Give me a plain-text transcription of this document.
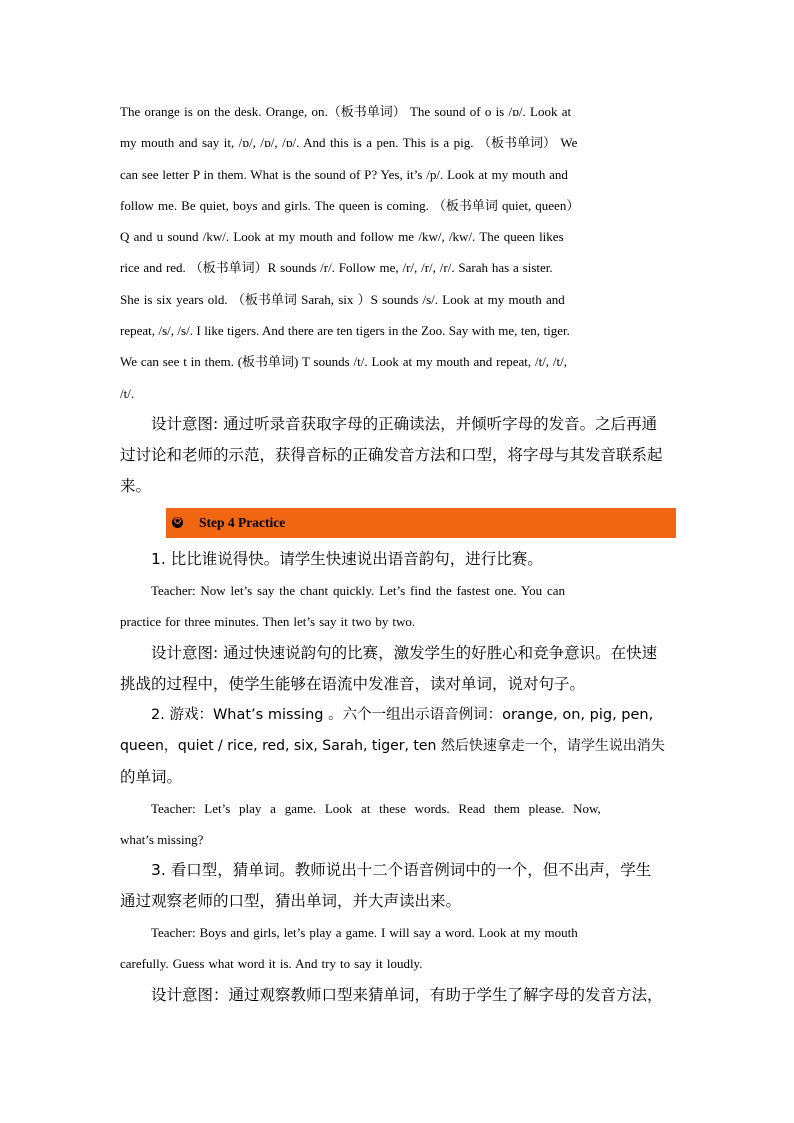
The orange is on the desk. Orange, on.（板书单词） The sound of o is /ɒ/. Look at
my mouth and say it, /ɒ/, /ɒ/, /ɒ/. And this is a pen. This is a pig. （板书单词） We
can see letter P in them. What is the sound of P? Yes, it’s /p/. Look at my mouth and
follow me. Be quiet, boys and girls. The queen is coming. （板书单词 quiet, queen）
Q and u sound /kw/. Look at my mouth and follow me /kw/, /kw/. The queen likes
rice and red. （板书单词）R sounds /r/. Follow me, /r/, /r/, /r/. Sarah has a sister.
She is six years old. （板书单词 Sarah, six ）S sounds /s/. Look at my mouth and
repeat, /s/, /s/. I like tigers. And there are ten tigers in the Zoo. Say with me, ten, tiger.
We can see t in them. (板书单词) T sounds /t/. Look at my mouth and repeat, /t/, /t/,
/t/.
设计意图: 通过听录音获取字母的正确读法，并倾听字母的发音。之后再通
过讨论和老师的示范，获得音标的正确发音方法和口型，将字母与其发音联系起
来。
✪ Step 4 Practice
1. 比比谁说得快。请学生快速说出语音韵句，进行比赛。
Teacher: Now let’s say the chant quickly. Let’s find the fastest one. You can
practice for three minutes. Then let’s say it two by two.
设计意图: 通过快速说韵句的比赛，激发学生的好胜心和竞争意识。在快速
挑战的过程中，使学生能够在语流中发准音，读对单词，说对句子。
2. 游戏：What’s missing 。六个一组出示语音例词：orange, on, pig, pen,
queen，quiet / rice, red, six, Sarah, tiger, ten 然后快速拿走一个，请学生说出消失
的单词。
Teacher: Let’s play a game. Look at these words. Read them please. Now,
what’s missing?
3. 看口型，猜单词。教师说出十二个语音例词中的一个，但不出声，学生
通过观察老师的口型，猜出单词，并大声读出来。
Teacher: Boys and girls, let’s play a game. I will say a word. Look at my mouth
carefully. Guess what word it is. And try to say it loudly.
设计意图：通过观察教师口型来猜单词，有助于学生了解字母的发音方法，
